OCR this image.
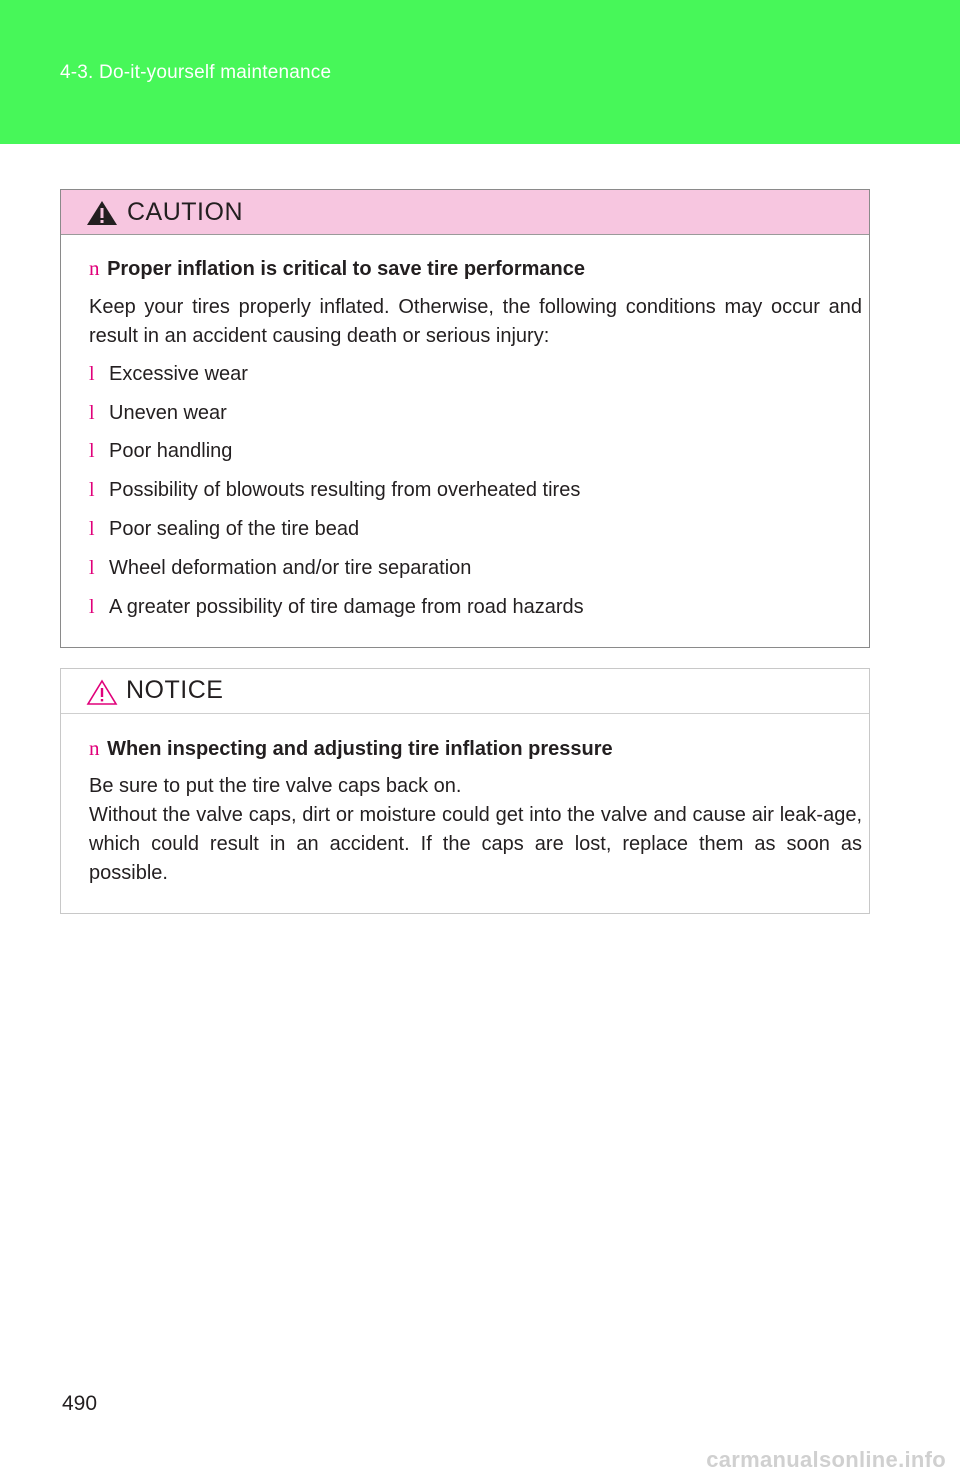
4-3. Do-it-yourself maintenance
CAUTION
n Proper inflation is critical to save tire performance
Keep your tires properly inflated. Otherwise, the following conditions may occur and result in an accident causing death or serious injury:
l Excessive wear
l Uneven wear
l Poor handling
l Possibility of blowouts resulting from overheated tires
l Poor sealing of the tire bead
l Wheel deformation and/or tire separation
l A greater possibility of tire damage from road hazards
NOTICE
n When inspecting and adjusting tire inflation pressure
Be sure to put the tire valve caps back on.
Without the valve caps, dirt or moisture could get into the valve and cause air leak-age, which could result in an accident. If the caps are lost, replace them as soon as possible.
490
carmanualsonline.info
